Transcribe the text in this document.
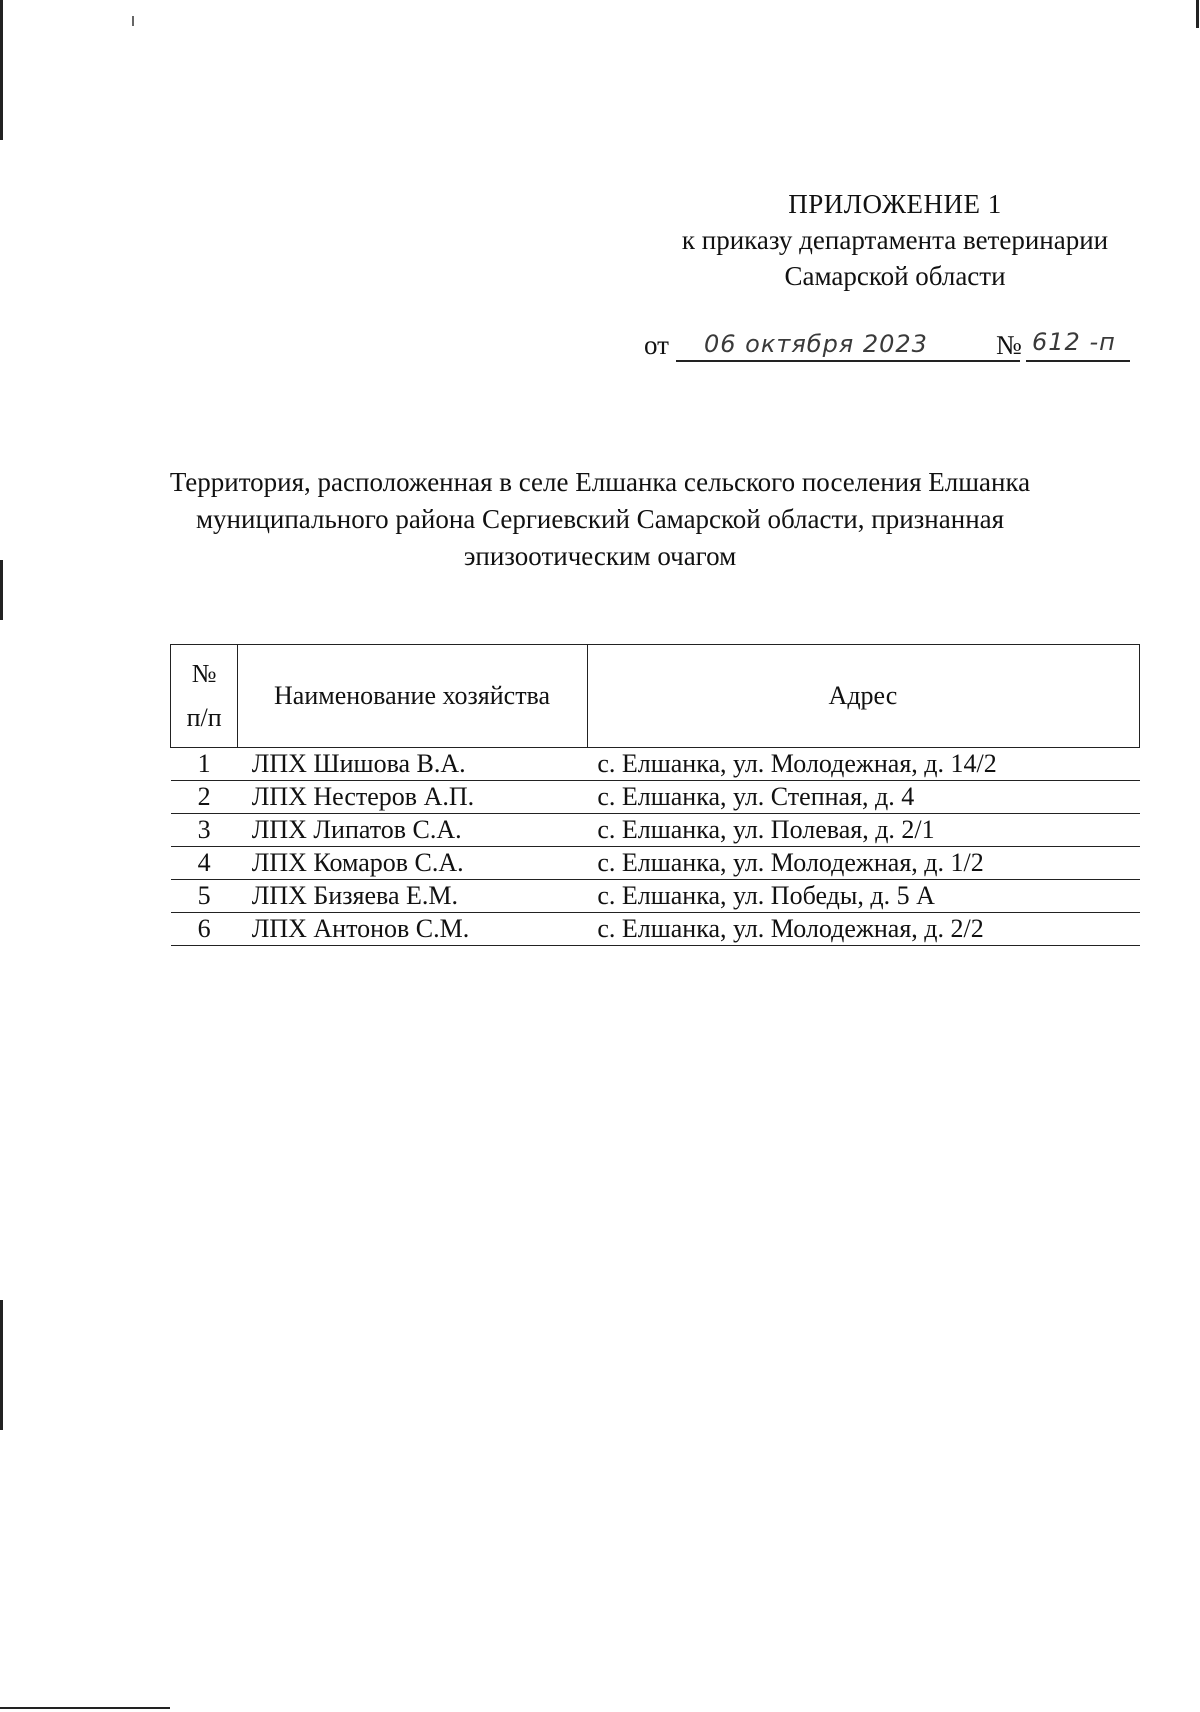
ПРИЛОЖЕНИЕ 1
к приказу департамента ветеринарии
Самарской области
от 06 октября 2023	№ 612 -п
Территория, расположенная в селе Елшанка сельского поселения Елшанка
муниципального района Сергиевский Самарской области, признанная
эпизоотическим очагом
№
п/п	Наименование хозяйства	Адрес
1	ЛПХ Шишова В.А.	с. Елшанка, ул. Молодежная, д. 14/2
2	ЛПХ Нестеров А.П.	с. Елшанка, ул. Степная, д. 4
3	ЛПХ Липатов С.А.	с. Елшанка, ул. Полевая, д. 2/1
4	ЛПХ Комаров С.А.	с. Елшанка, ул. Молодежная, д. 1/2
5	ЛПХ Бизяева Е.М.	с. Елшанка, ул. Победы, д. 5 А
6	ЛПХ Антонов С.М.	с. Елшанка, ул. Молодежная, д. 2/2
